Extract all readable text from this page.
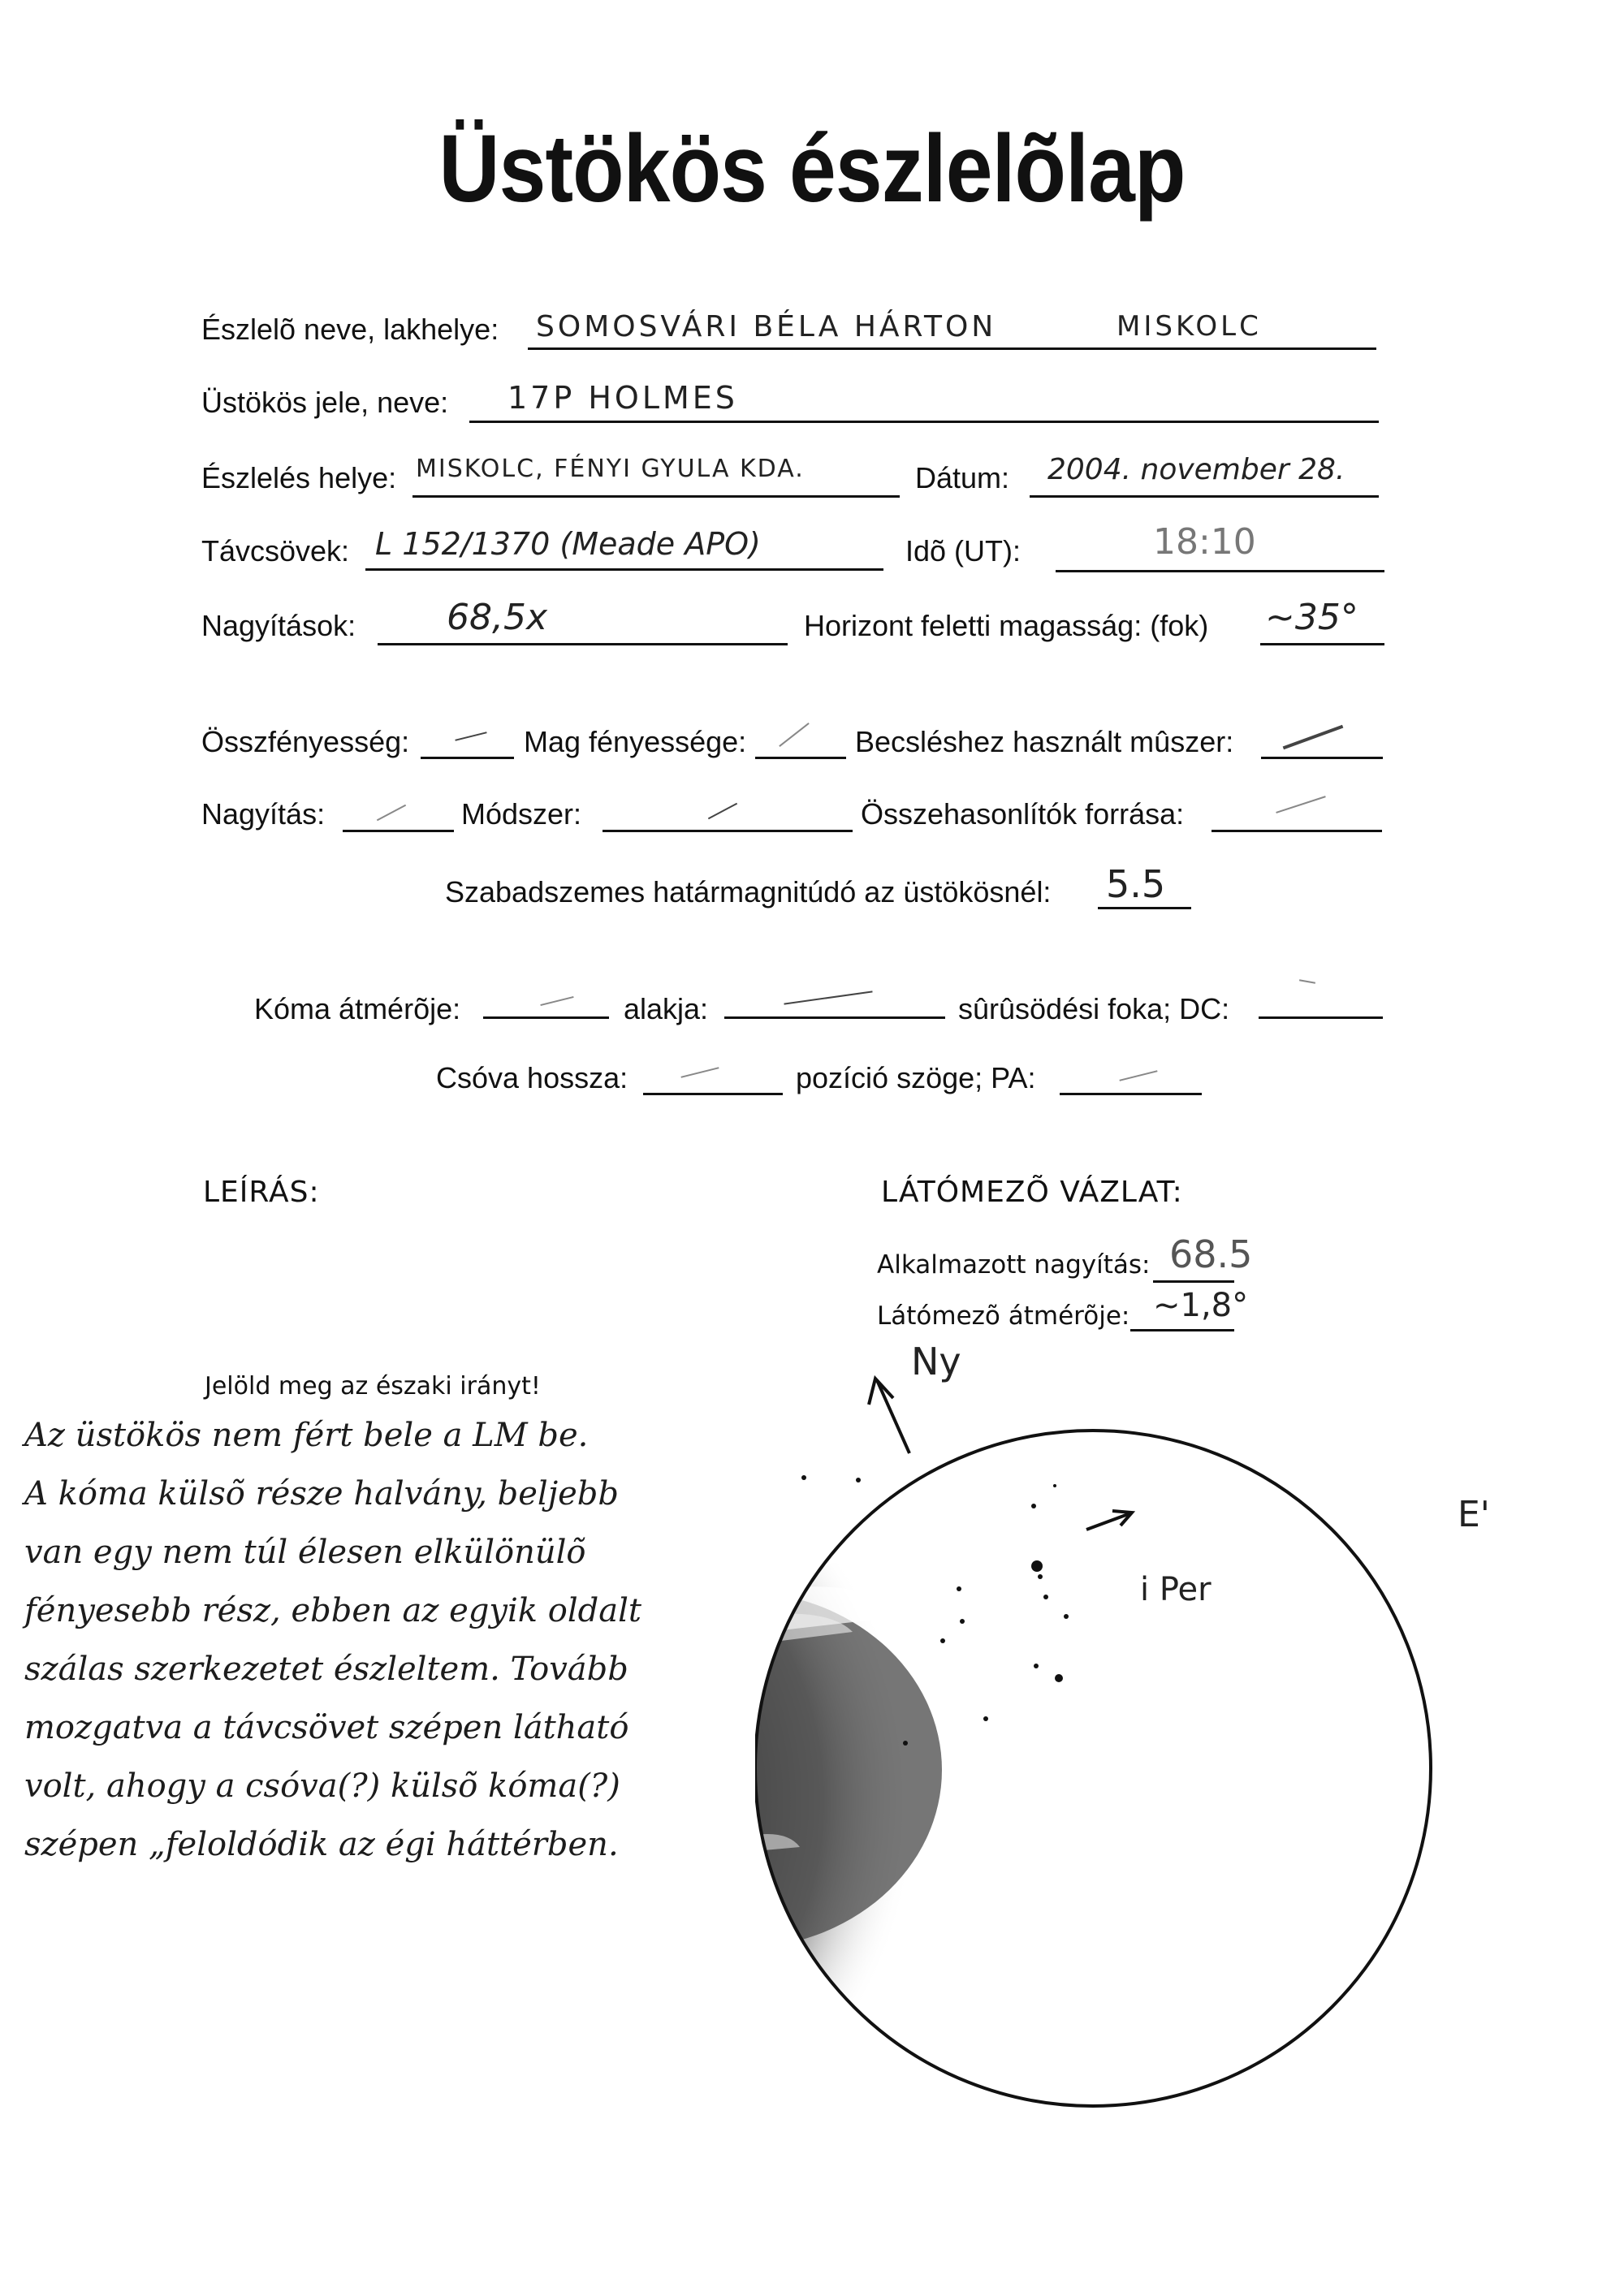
Üstökös észlelõlap
Észlelõ neve, lakhelye: SOMOSVÁRI BÉLA HÁRTON	MISKOLC
Üstökös jele, neve: 17P HOLMES
Észlelés helye: MISKOLC, FÉNYI GYULA KDA.	Dátum: 2004. november 28.
Távcsövek: L 152/1370 (Meade APO)	Idõ (UT):	18:10
Nagyítások:	68,5x	Horizont feletti magasság: (fok) ~35°
Összfényesség:	Mag fényessége:	Becsléshez használt mûszer:
Nagyítás:	Módszer:	Összehasonlítók forrása:
Szabadszemes határmagnitúdó az üstökösnél: 5.5
Kóma átmérõje:	alakja:	sûrûsödési foka; DC:
Csóva hossza:	pozíció szöge; PA:
LEÍRÁS:
Jelöld meg az északi irányt!
Az üstökös nem fért bele a LM be.
A kóma külsõ része halvány, beljebb
van egy nem túl élesen elkülönülõ
fényesebb rész, ebben az egyik oldalt
szálas szerkezetet észleltem. Tovább
mozgatva a távcsövet szépen látható
volt, ahogy a csóva(?) külsõ kóma(?)
szépen „feloldódik az égi háttérben.
LÁTÓMEZÕ VÁZLAT:
Alkalmazott nagyítás: 68.5
Látómezõ átmérõje: ~1,8°
Ny
i Per
E'
